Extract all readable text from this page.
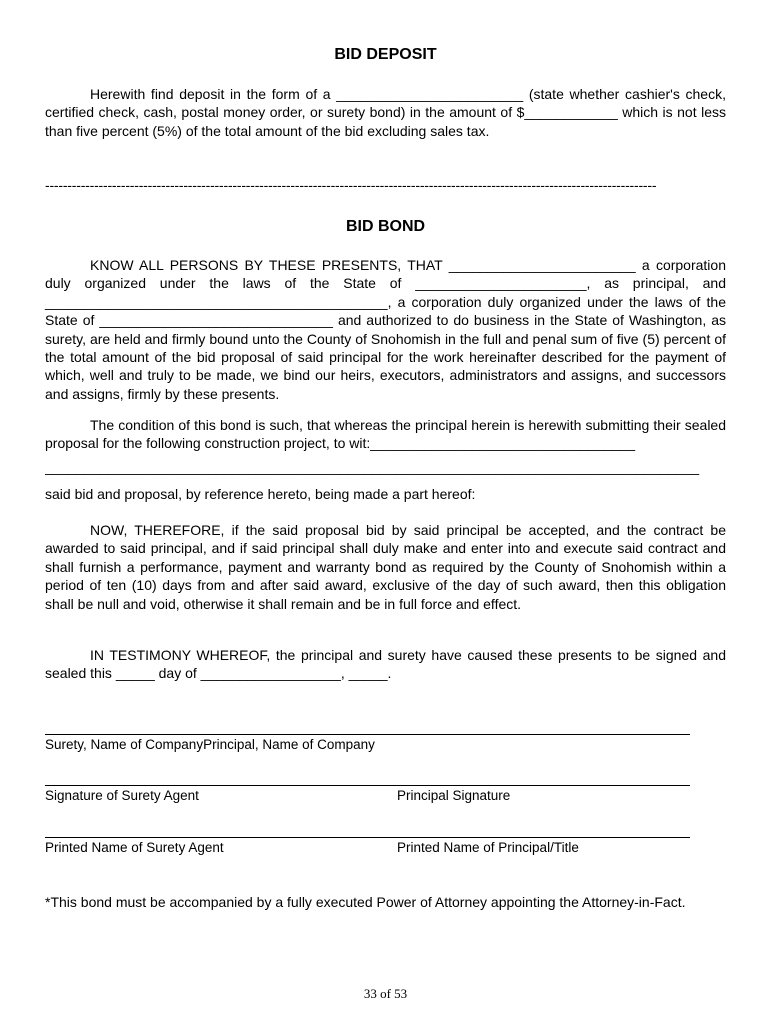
BID DEPOSIT
Herewith find deposit in the form of a ________________________ (state whether cashier's check, certified check, cash, postal money order, or surety bond) in the amount of $____________ which is not less than five percent (5%) of the total amount of the bid excluding sales tax.
-----------------------------------------------------------------------------------------------------------------------------------------
BID BOND
KNOW ALL PERSONS BY THESE PRESENTS, THAT ________________________ a corporation duly organized under the laws of the State of ______________________, as principal, and ____________________________________________, a corporation duly organized under the laws of the State of ______________________________ and authorized to do business in the State of Washington, as surety, are held and firmly bound unto the County of Snohomish in the full and penal sum of five (5) percent of the total amount of the bid proposal of said principal for the work hereinafter described for the payment of which, well and truly to be made, we bind our heirs, executors, administrators and assigns, and successors and assigns, firmly by these presents.
The condition of this bond is such, that whereas the principal herein is herewith submitting their sealed proposal for the following construction project, to wit:__________________________________
____________________________________________________________________________________
said bid and proposal, by reference hereto, being made a part hereof:
NOW, THEREFORE, if the said proposal bid by said principal be accepted, and the contract be awarded to said principal, and if said principal shall duly make and enter into and execute said contract and shall furnish a performance, payment and warranty bond as required by the County of Snohomish within a period of ten (10) days from and after said award, exclusive of the day of such award, then this obligation shall be null and void, otherwise it shall remain and be in full force and effect.
IN TESTIMONY WHEREOF, the principal and surety have caused these presents to be signed and sealed this _____ day of __________________, _____.
Surety, Name of CompanyPrincipal, Name of Company
Signature of Surety Agent	Principal Signature
Printed Name of Surety Agent	Printed Name of Principal/Title
*This bond must be accompanied by a fully executed Power of Attorney appointing the Attorney-in-Fact.
33 of 53
